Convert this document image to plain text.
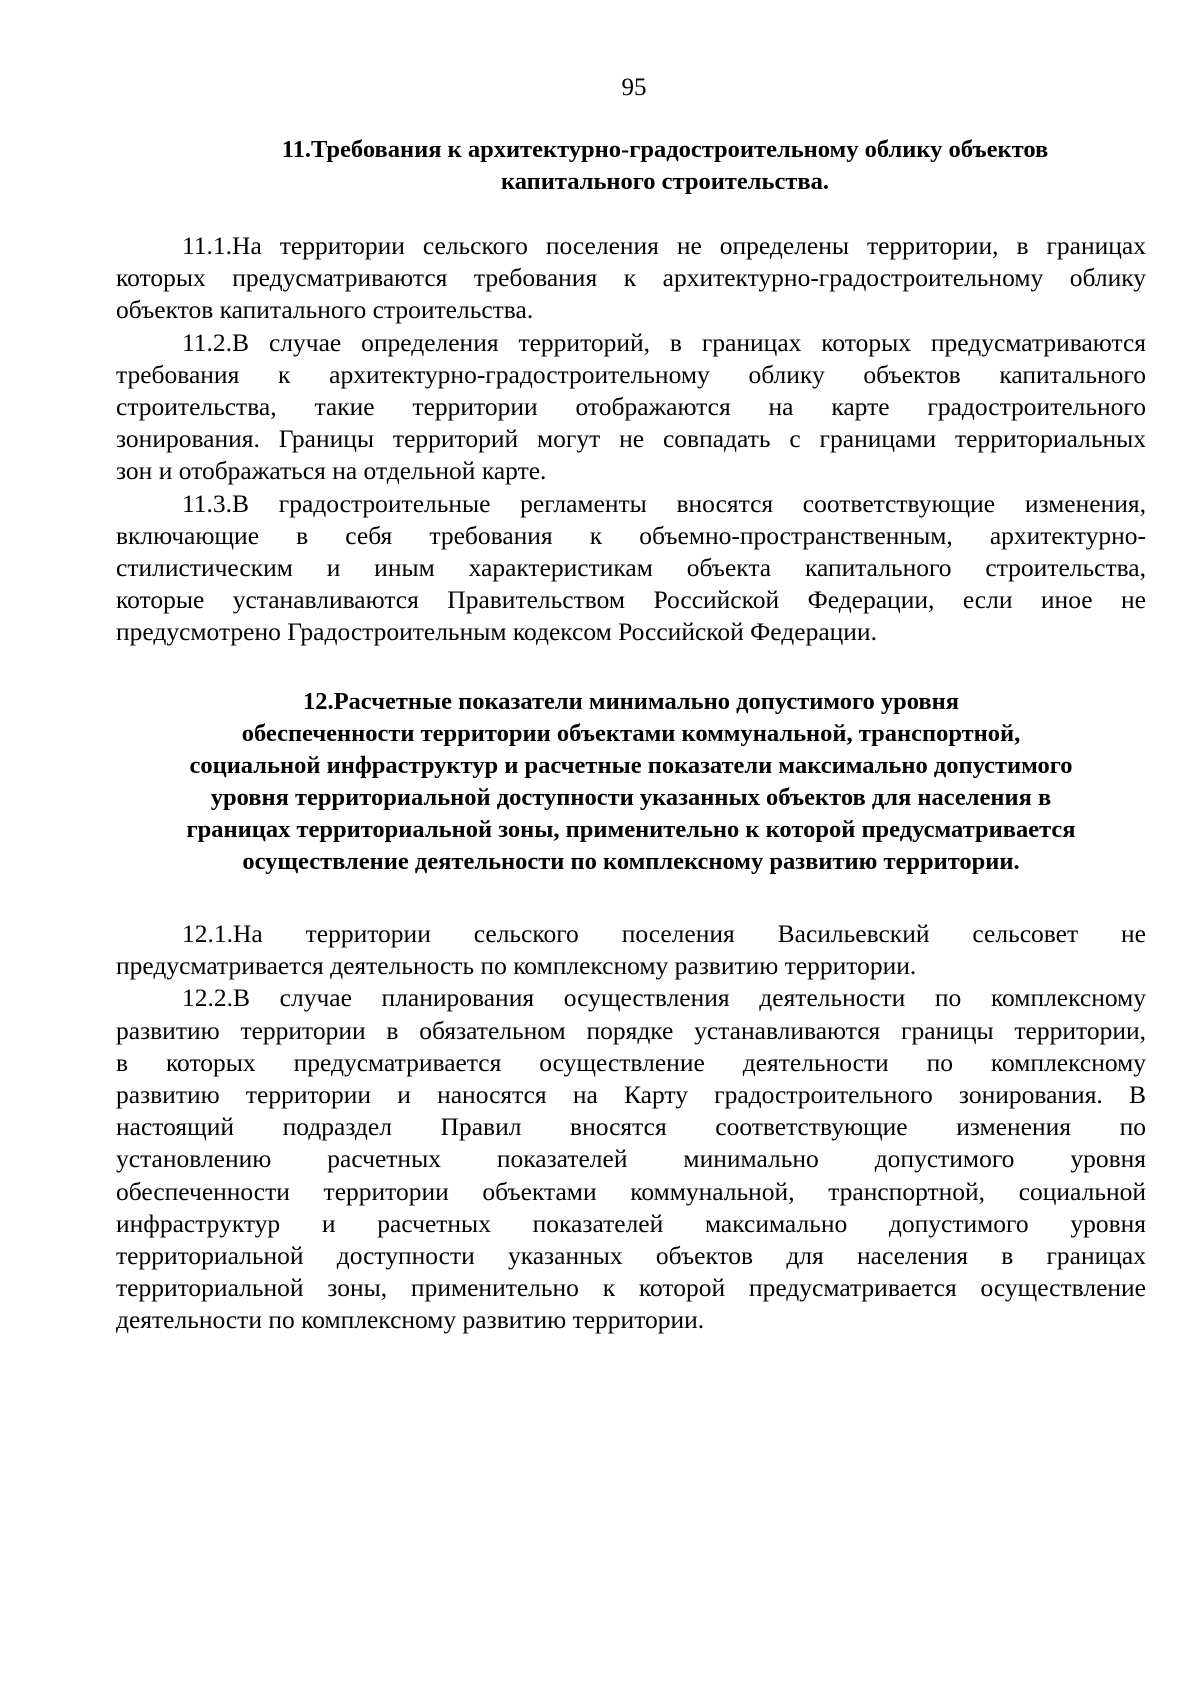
95
11.Требования к архитектурно-градостроительному облику объектов
капитального строительства.
11.1.На территории сельского поселения не определены территории, в границах
которых предусматриваются требования к архитектурно-градостроительному облику
объектов капитального строительства.
11.2.В случае определения территорий, в границах которых предусматриваются
требования к архитектурно-градостроительному облику объектов капитального
строительства, такие территории отображаются на карте градостроительного
зонирования. Границы территорий могут не совпадать с границами территориальных
зон и отображаться на отдельной карте.
11.3.В градостроительные регламенты вносятся соответствующие изменения,
включающие в себя требования к объемно-пространственным, архитектурно-
стилистическим и иным характеристикам объекта капитального строительства,
которые устанавливаются Правительством Российской Федерации, если иное не
предусмотрено Градостроительным кодексом Российской Федерации.
12.Расчетные показатели минимально допустимого уровня
обеспеченности территории объектами коммунальной, транспортной,
социальной инфраструктур и расчетные показатели максимально допустимого
уровня территориальной доступности указанных объектов для населения в
границах территориальной зоны, применительно к которой предусматривается
осуществление деятельности по комплексному развитию территории.
12.1.На территории сельского поселения Васильевский сельсовет не
предусматривается деятельность по комплексному развитию территории.
12.2.В случае планирования осуществления деятельности по комплексному
развитию территории в обязательном порядке устанавливаются границы территории,
в которых предусматривается осуществление деятельности по комплексному
развитию территории и наносятся на Карту градостроительного зонирования. В
настоящий подраздел Правил вносятся соответствующие изменения по
установлению расчетных показателей минимально допустимого уровня
обеспеченности территории объектами коммунальной, транспортной, социальной
инфраструктур и расчетных показателей максимально допустимого уровня
территориальной доступности указанных объектов для населения в границах
территориальной зоны, применительно к которой предусматривается осуществление
деятельности по комплексному развитию территории.
